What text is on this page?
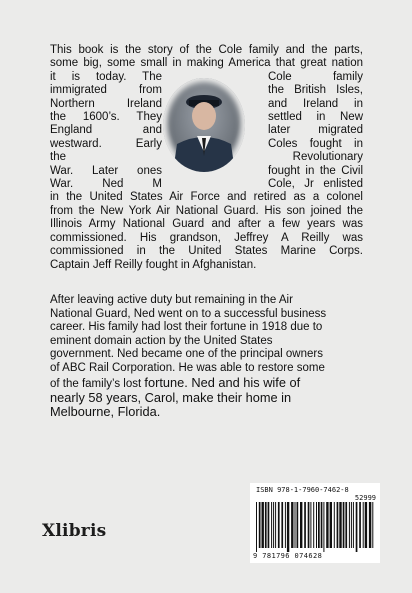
This book is the story of the Cole family and the parts,
some big, some small in making America that great nation
it is today. The	Cole family
immigrated from	the British Isles,
Northern Ireland	and Ireland in
the 1600’s. They	settled in New
England and	later migrated
westward. Early	Coles fought in
the	Revolutionary
War. Later ones	fought in the Civil
War. Ned M	Cole, Jr enlisted
in the United States Air Force and retired as a colonel
from the New York Air National Guard. His son joined the
Illinois Army National Guard and after a few years was
commissioned. His grandson, Jeffrey A Reilly was
commissioned in the United States Marine Corps.
Captain Jeff Reilly fought in Afghanistan.
After leaving active duty but remaining in the Air
National Guard, Ned went on to a successful business
career. His family had lost their fortune in 1918 due to
eminent domain action by the United States
government. Ned became one of the principal owners
of ABC Rail Corporation. He was able to restore some
of the family’s lost fortune. Ned and his wife of
nearly 58 years, Carol, make their home in
Melbourne, Florida.
Xlibris
ISBN 978-1-7960-7462-8
52999
9 781796 074628
